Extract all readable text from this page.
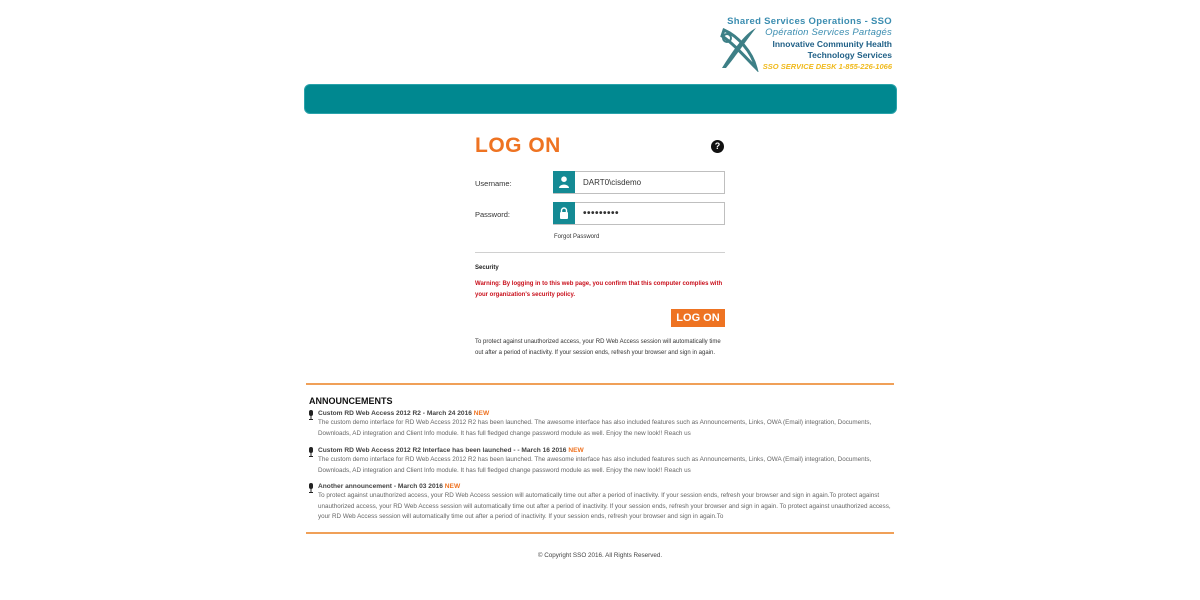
Shared Services Operations - SSO
Opération Services Partagés
Innovative Community Health
Technology Services
SSO SERVICE DESK 1-855-226-1066
LOG ON	?
Username:
DART0\cisdemo
Password:
•••••••••
Forgot Password
Security
Warning: By logging in to this web page, you confirm that this computer complies with your organization's security policy.
LOG ON
To protect against unauthorized access, your RD Web Access session will automatically time out after a period of inactivity. If your session ends, refresh your browser and sign in again.
ANNOUNCEMENTS
Custom RD Web Access 2012 R2 - March 24 2016 NEW
The custom demo interface for RD Web Access 2012 R2 has been launched. The awesome interface has also included features such as Announcements, Links, OWA (Email) integration, Documents, Downloads, AD integration and Client Info module. It has full fledged change password module as well. Enjoy the new look!! Reach us
Custom RD Web Access 2012 R2 Interface has been launched - - March 16 2016 NEW
The custom demo interface for RD Web Access 2012 R2 has been launched. The awesome interface has also included features such as Announcements, Links, OWA (Email) integration, Documents, Downloads, AD integration and Client Info module. It has full fledged change password module as well. Enjoy the new look!! Reach us
Another announcement - March 03 2016 NEW
To protect against unauthorized access, your RD Web Access session will automatically time out after a period of inactivity. If your session ends, refresh your browser and sign in again.To protect against unauthorized access, your RD Web Access session will automatically time out after a period of inactivity. If your session ends, refresh your browser and sign in again. To protect against unauthorized access, your RD Web Access session will automatically time out after a period of inactivity. If your session ends, refresh your browser and sign in again.To
© Copyright SSO 2016. All Rights Reserved.
